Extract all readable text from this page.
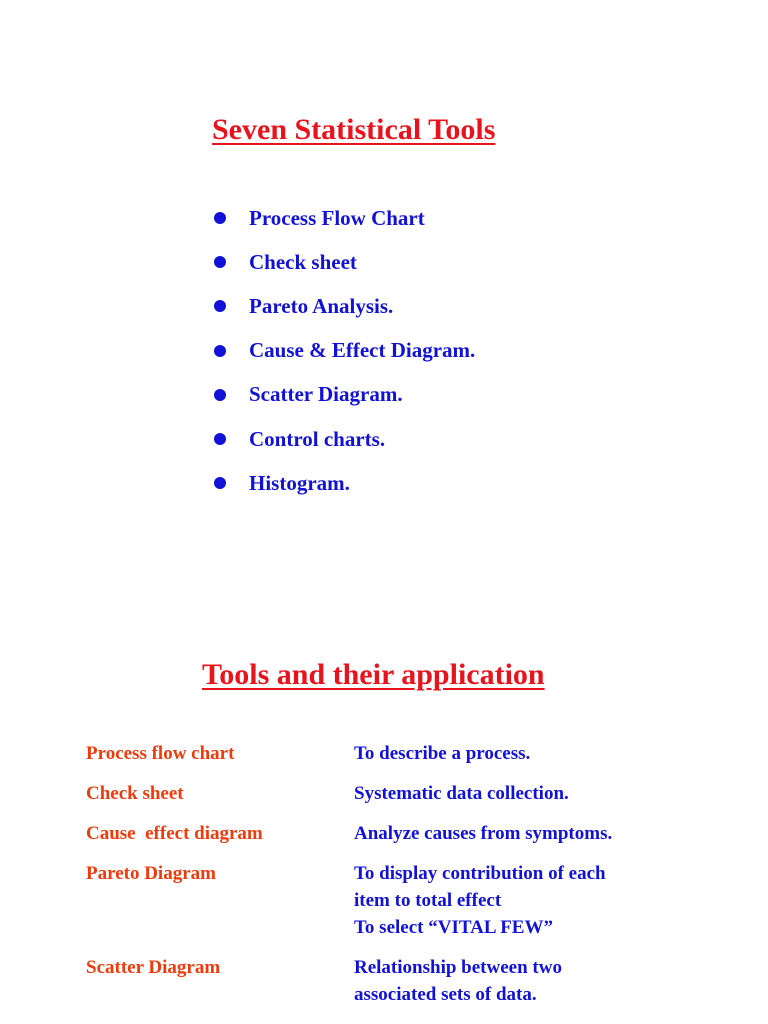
Seven Statistical Tools
Process Flow Chart
Check sheet
Pareto Analysis.
Cause & Effect Diagram.
Scatter Diagram.
Control charts.
Histogram.
Tools and their application
Process flow chart	To describe a process.
Check sheet	Systematic data collection.
Cause  effect diagram	Analyze causes from symptoms.
Pareto Diagram	To display contribution of each
item to total effect
To select “VITAL FEW”
Scatter Diagram	Relationship between two
associated sets of data.
